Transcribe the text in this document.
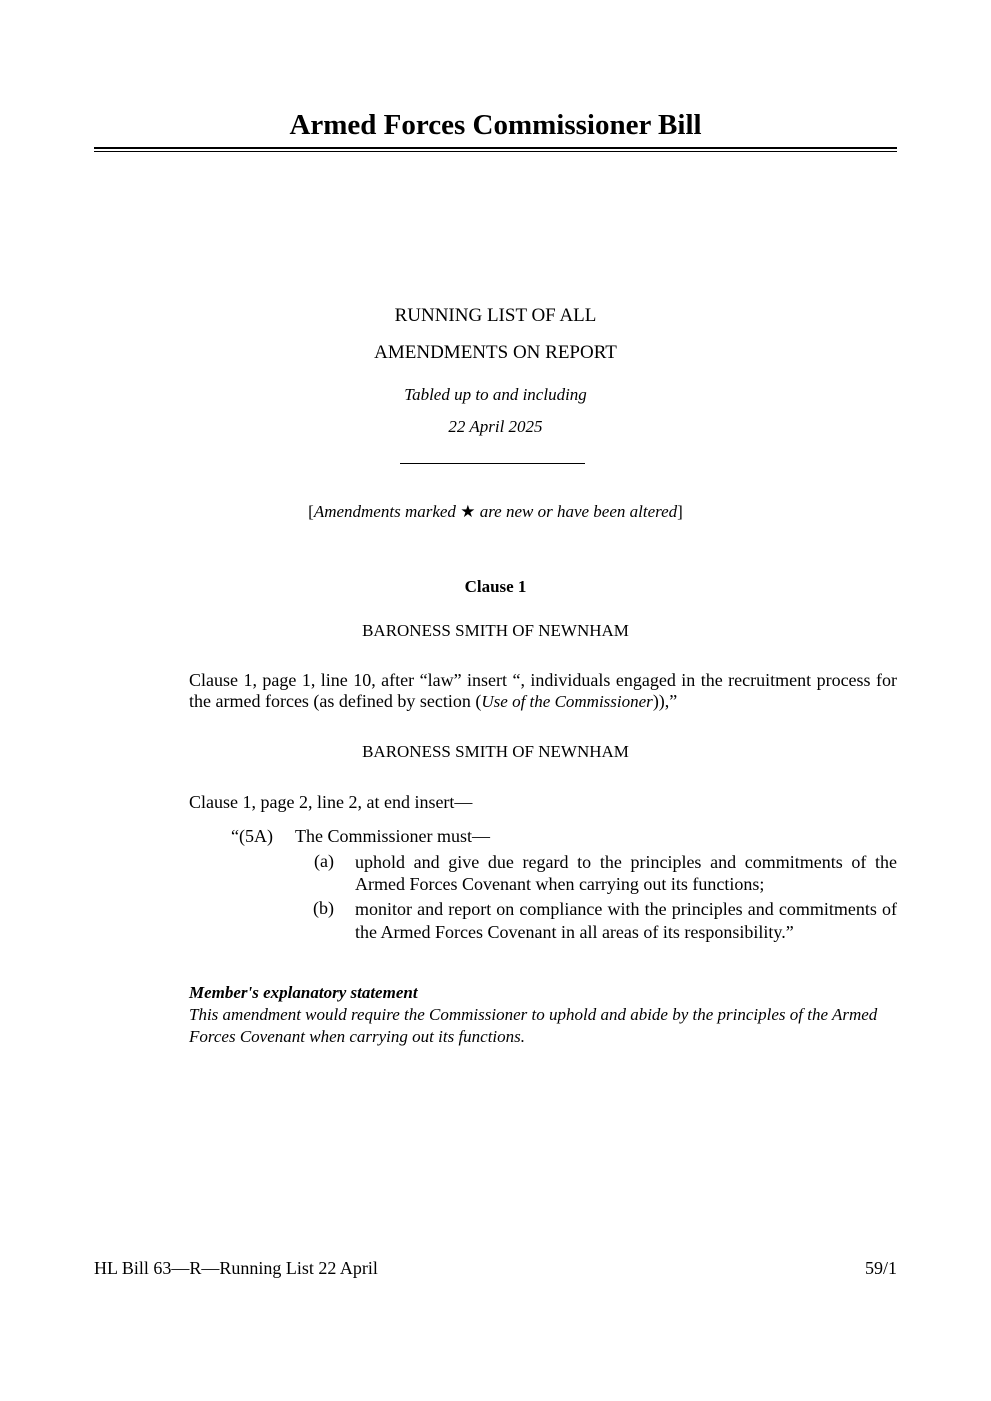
Armed Forces Commissioner Bill
RUNNING LIST OF ALL
AMENDMENTS ON REPORT
Tabled up to and including
22 April 2025
[Amendments marked ★ are new or have been altered]
Clause 1
BARONESS SMITH OF NEWNHAM
Clause 1, page 1, line 10, after “law” insert “, individuals engaged in the recruitment process for the armed forces (as defined by section (Use of the Commissioner)),”
BARONESS SMITH OF NEWNHAM
Clause 1, page 2, line 2, at end insert—
“(5A) The Commissioner must—
(a) uphold and give due regard to the principles and commitments of the Armed Forces Covenant when carrying out its functions;
(b) monitor and report on compliance with the principles and commitments of the Armed Forces Covenant in all areas of its responsibility.”
Member's explanatory statement
This amendment would require the Commissioner to uphold and abide by the principles of the Armed Forces Covenant when carrying out its functions.
HL Bill 63—R—Running List 22 April	59/1
